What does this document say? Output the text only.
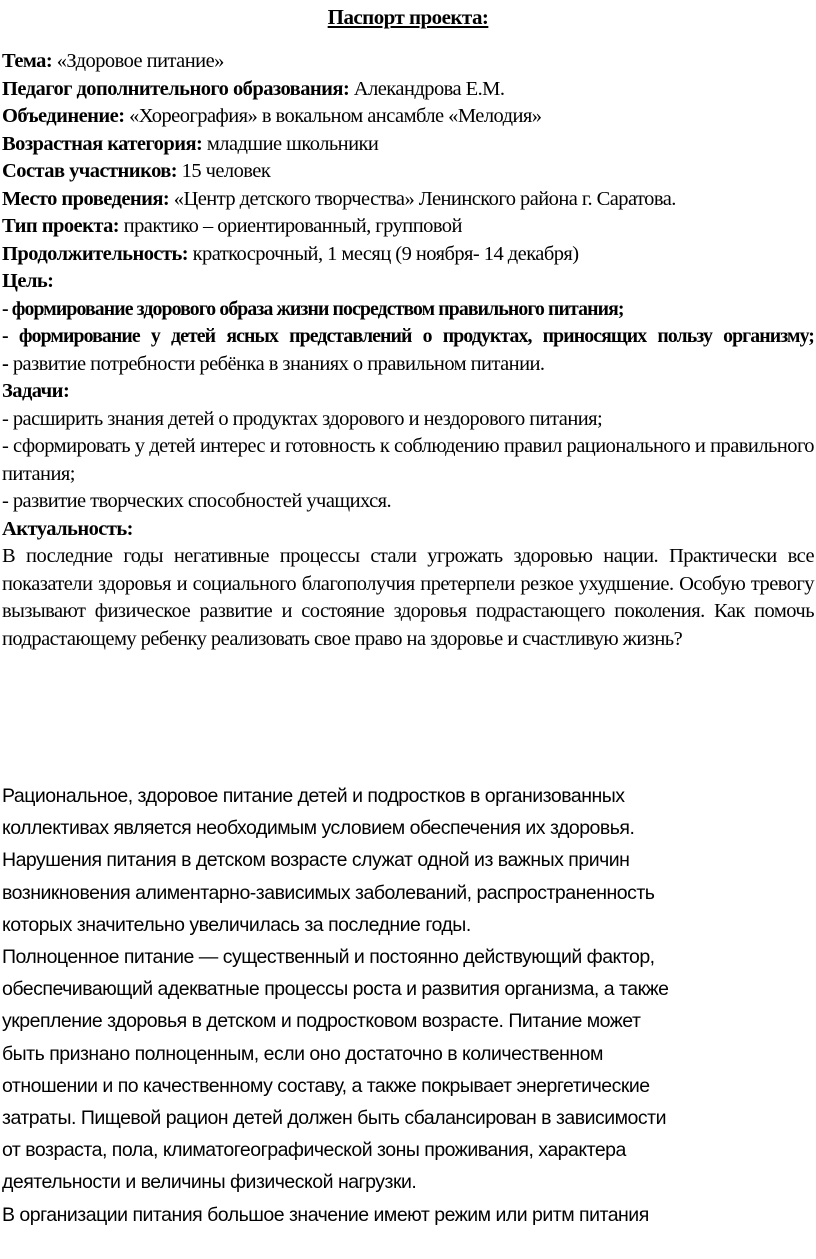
Паспорт проекта:

Тема: «Здоровое питание»

Педагог дополнительного образования: Алекандрова Е.М.

Объединение: «Хореография» в вокальном ансамбле «Мелодия»

Возрастная категория: младшие школьники

Состав участников: 15 человек

Место проведения: «Центр детского творчества» Ленинского района г. Саратова.

Тип проекта: практико – ориентированный, групповой

Продолжительность: краткосрочный, 1 месяц (9 ноября- 14 декабря)

Цель:

- формирование здорового образа жизни посредством правильного питания;

- формирование у детей ясных представлений о продуктах, приносящих пользу организму;

- развитие потребности ребёнка в знаниях о правильном питании.

Задачи:

- расширить знания детей о продуктах здорового и нездорового питания;

- сформировать у детей интерес и готовность к соблюдению правил рационального и правильного питания;

- развитие творческих способностей учащихся.

Актуальность:

В последние годы негативные процессы стали угрожать здоровью нации. Практически все показатели здоровья и социального благополучия претерпели резкое ухудшение. Особую тревогу вызывают физическое развитие и состояние здоровья подрастающего поколения. Как помочь подрастающему ребенку реализовать свое право на здоровье и счастливую жизнь?

Рациональное, здоровое питание детей и подростков в организованных

коллективах является необходимым условием обеспечения их здоровья.

Нарушения питания в детском возрасте служат одной из важных причин

возникновения алиментарно-зависимых заболеваний, распространенность

которых значительно увеличилась за последние годы.

Полноценное питание — существенный и постоянно действующий фактор,

обеспечивающий адекватные процессы роста и развития организма, а также

укрепление здоровья в детском и подростковом возрасте. Питание может

быть признано полноценным, если оно достаточно в количественном

отношении и по качественному составу, а также покрывает энергетические

затраты. Пищевой рацион детей должен быть сбалансирован в зависимости

от возраста, пола, климатогеографической зоны проживания, характера

деятельности и величины физической нагрузки.

В организации питания большое значение имеют режим или ритм питания
